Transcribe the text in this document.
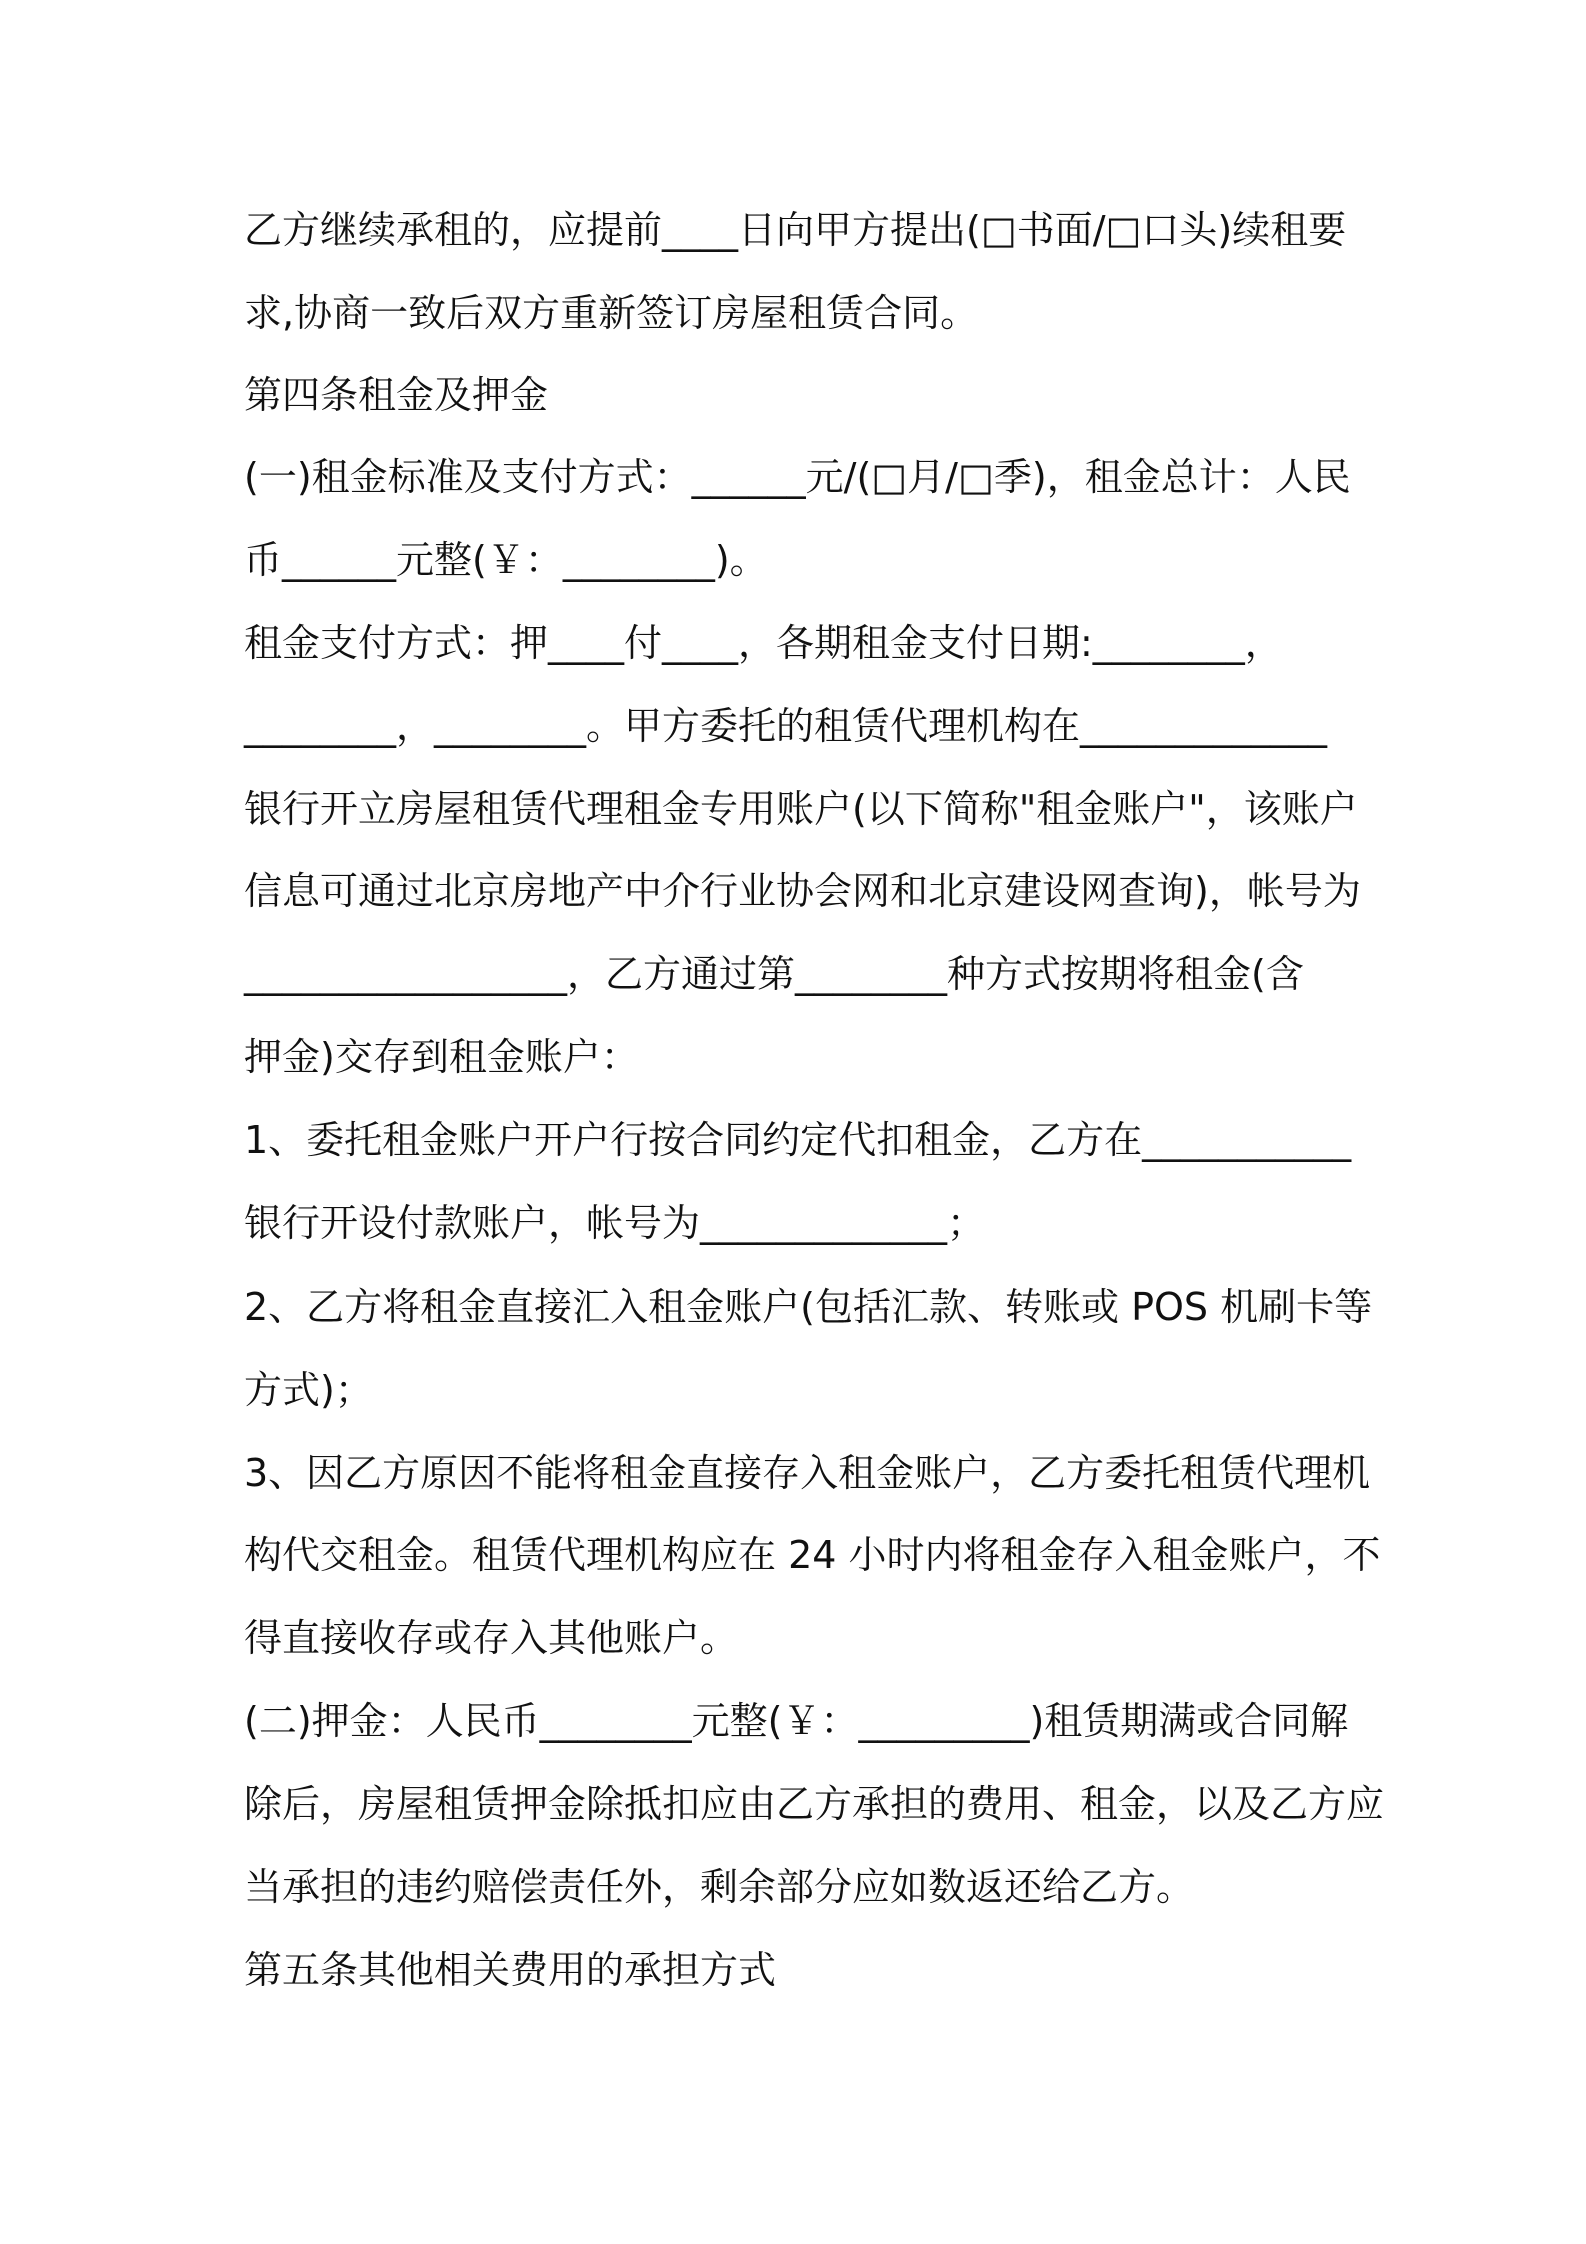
乙方继续承租的，应提前____日向甲方提出(□书面/□口头)续租要
求,协商一致后双方重新签订房屋租赁合同。
第四条租金及押金
(一)租金标准及支付方式：______元/(□月/□季)，租金总计：人民
币______元整(￥：________)。
租金支付方式：押____付____，各期租金支付日期:________，
________，________。甲方委托的租赁代理机构在_____________
银行开立房屋租赁代理租金专用账户(以下简称"租金账户"，该账户
信息可通过北京房地产中介行业协会网和北京建设网查询)，帐号为
_________________，乙方通过第________种方式按期将租金(含
押金)交存到租金账户：
1、委托租金账户开户行按合同约定代扣租金，乙方在___________
银行开设付款账户，帐号为_____________；
2、乙方将租金直接汇入租金账户(包括汇款、转账或 POS 机刷卡等
方式)；
3、因乙方原因不能将租金直接存入租金账户，乙方委托租赁代理机
构代交租金。租赁代理机构应在 24 小时内将租金存入租金账户，不
得直接收存或存入其他账户。
(二)押金：人民币________元整(￥：_________)租赁期满或合同解
除后，房屋租赁押金除抵扣应由乙方承担的费用、租金，以及乙方应
当承担的违约赔偿责任外，剩余部分应如数返还给乙方。
第五条其他相关费用的承担方式
